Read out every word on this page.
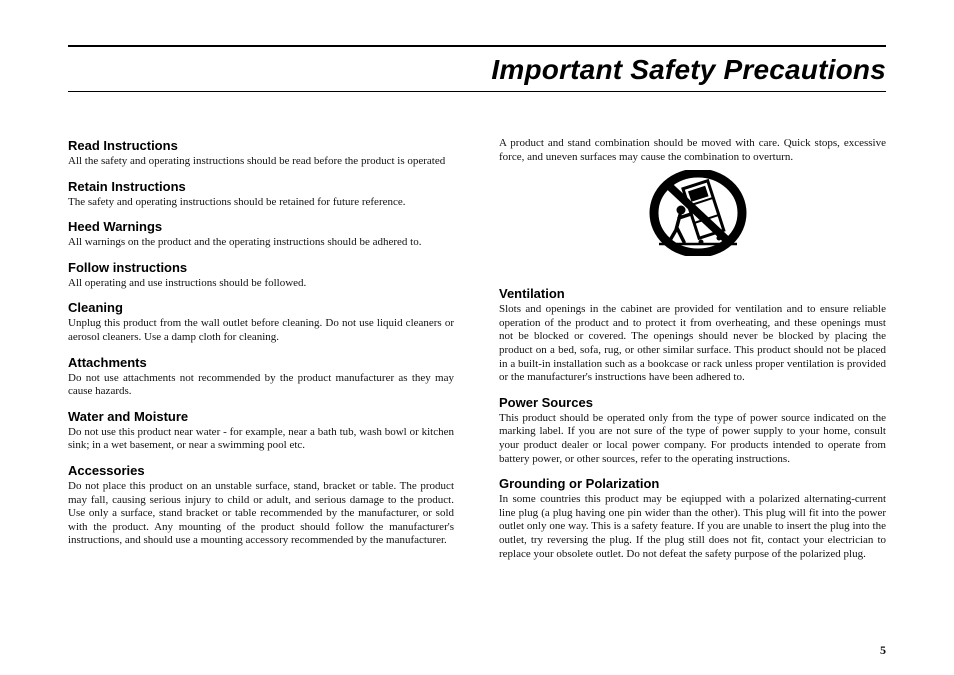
Important Safety Precautions
Read Instructions

All the safety and operating instructions should be read before the product is operated

Retain Instructions

The safety and operating instructions should be retained for future reference.

Heed Warnings

All warnings on the product and the operating instructions should be adhered to.

Follow instructions

All operating and use instructions should be followed.

Cleaning

Unplug this product from the wall outlet before cleaning. Do not use liquid cleaners or aerosol cleaners. Use a damp cloth for cleaning.

Attachments

Do not use attachments not recommended by the product manufacturer as they may cause hazards.

Water and Moisture

Do not use this product near water - for example, near a bath tub, wash bowl or kitchen sink; in a wet basement, or near a swimming pool etc.

Accessories

Do not place this product on an unstable surface, stand, bracket or table. The product may fall, causing serious injury to child or adult, and serious damage to the product. Use only a surface, stand bracket or table recommended by the manufacturer, or sold with the product. Any mounting of the product should follow the manufacturer's instructions, and should use a mounting accessory recommended by the manufacturer.

A product and stand combination should be moved with care. Quick stops, excessive force, and uneven surfaces may cause the combination to overturn.

Ventilation

Slots and openings in the cabinet are provided for ventilation and to ensure reliable operation of the product and to protect it from overheating, and these openings must not be blocked or covered. The openings should never be blocked by placing the product on a bed, sofa, rug, or other similar surface. This product should not be placed in a built-in installation such as a bookcase or rack unless proper ventilation is provided or the manufacturer's instructions have been adhered to.

Power Sources

This product should be operated only from the type of power source indicated on the marking label. If you are not sure of the type of power supply to your home, consult your product dealer or local power company. For products intended to operate from battery power, or other sources, refer to the operating instructions.

Grounding or Polarization

In some countries this product may be eqiupped with a polarized alternating-current line plug (a plug having one pin wider than the other). This plug will fit into the power outlet only one way. This is a safety feature. If you are unable to insert the plug into the outlet, try reversing the plug. If the plug still does not fit, contact your electrician to replace your obsolete outlet. Do not defeat the safety purpose of the polarized plug.

5
